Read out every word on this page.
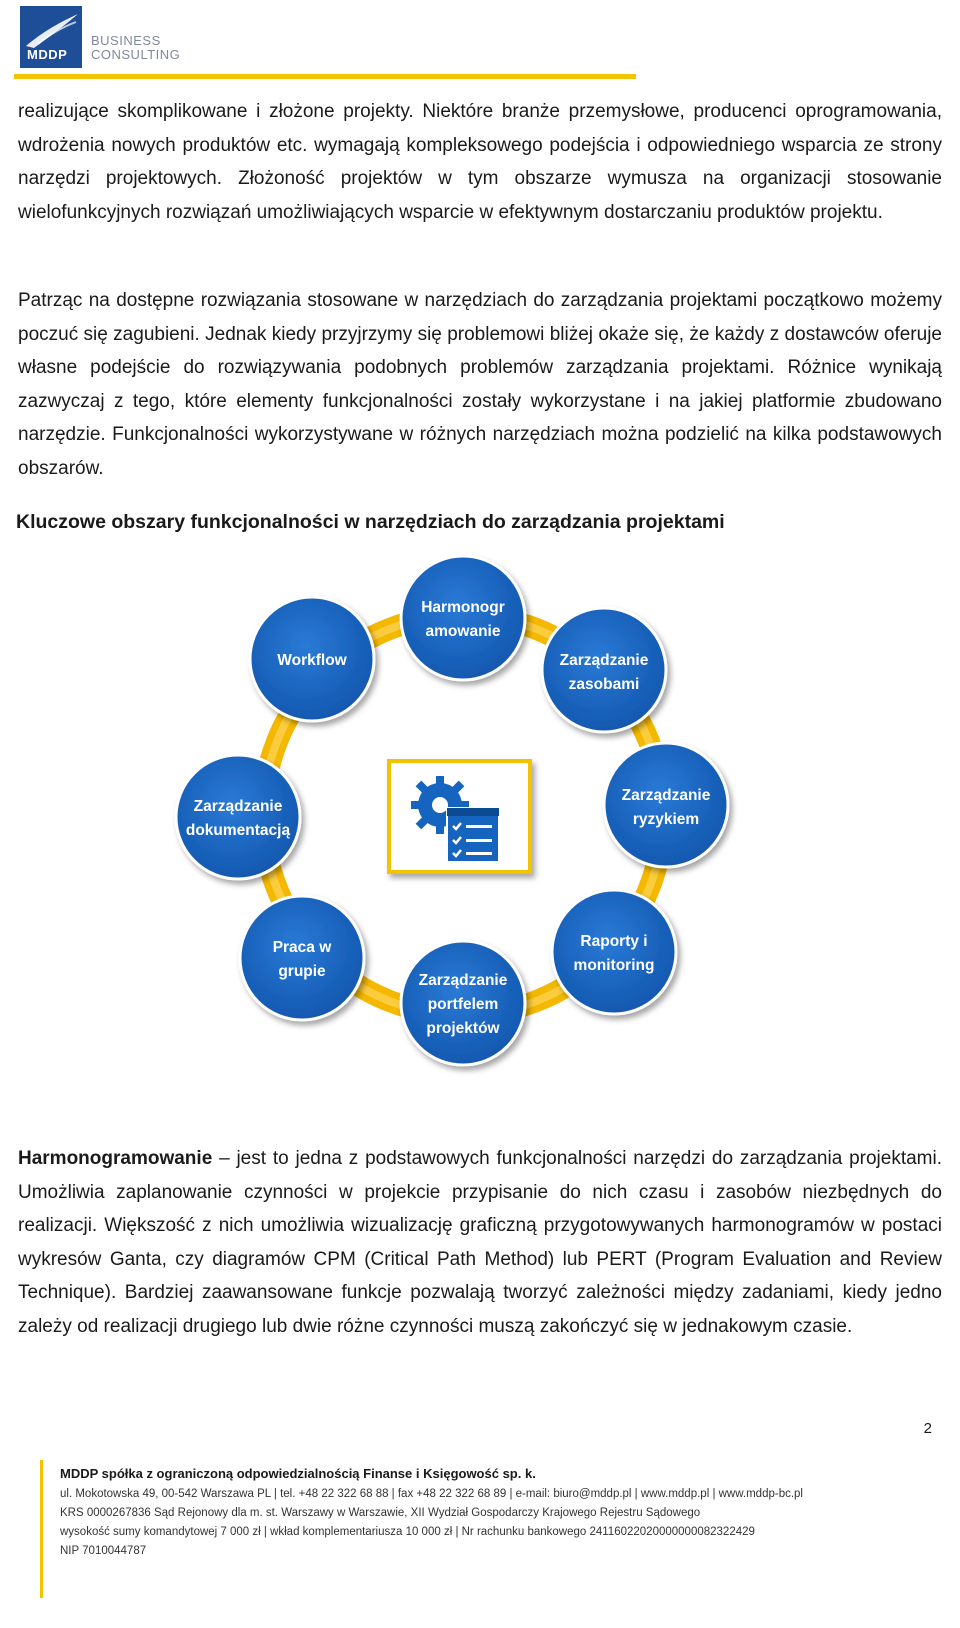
MDDP
BUSINESS
CONSULTING

realizujące skomplikowane i złożone projekty. Niektóre branże przemysłowe, producenci oprogramowania, wdrożenia nowych produktów etc. wymagają kompleksowego podejścia i odpowiedniego wsparcia ze strony narzędzi projektowych. Złożoność projektów w tym obszarze wymusza na organizacji stosowanie wielofunkcyjnych rozwiązań umożliwiających wsparcie w efektywnym dostarczaniu produktów projektu.

Patrząc na dostępne rozwiązania stosowane w narzędziach do zarządzania projektami początkowo możemy poczuć się zagubieni. Jednak kiedy przyjrzymy się problemowi bliżej okaże się, że każdy z dostawców oferuje własne podejście do rozwiązywania podobnych problemów zarządzania projektami. Różnice wynikają zazwyczaj z tego, które elementy funkcjonalności zostały wykorzystane i na jakiej platformie zbudowano narzędzie. Funkcjonalności wykorzystywane w różnych narzędziach można podzielić na kilka podstawowych obszarów.

Kluczowe obszary funkcjonalności w narzędziach do zarządzania projektami
Harmonogr
amowanie
Zarządzanie
zasobami
Zarządzanie
ryzykiem
Raporty i
monitoring
Zarządzanie
portfelem
projektów
Praca w
grupie
Zarządzanie
dokumentacją
Workflow

Harmonogramowanie – jest to jedna z podstawowych funkcjonalności narzędzi do zarządzania projektami. Umożliwia zaplanowanie czynności w projekcie przypisanie do nich czasu i zasobów niezbędnych do realizacji. Większość z nich umożliwia wizualizację graficzną przygotowywanych harmonogramów w postaci wykresów Ganta, czy diagramów CPM (Critical Path Method) lub PERT (Program Evaluation and Review Technique). Bardziej zaawansowane funkcje pozwalają tworzyć zależności między zadaniami, kiedy jedno zależy od realizacji drugiego lub dwie różne czynności muszą zakończyć się w jednakowym czasie.

2

MDDP spółka z ograniczoną odpowiedzialnością Finanse i Księgowość sp. k.

ul. Mokotowska 49, 00-542 Warszawa PL | tel. +48 22 322 68 88 | fax +48 22 322 68 89 | e-mail: biuro@mddp.pl | www.mddp.pl | www.mddp-bc.pl

KRS 0000267836 Sąd Rejonowy dla m. st. Warszawy w Warszawie, XII Wydział Gospodarczy Krajowego Rejestru Sądowego

wysokość sumy komandytowej 7 000 zł | wkład komplementariusza 10 000 zł | Nr rachunku bankowego 24116022020000000082322429

NIP 7010044787
